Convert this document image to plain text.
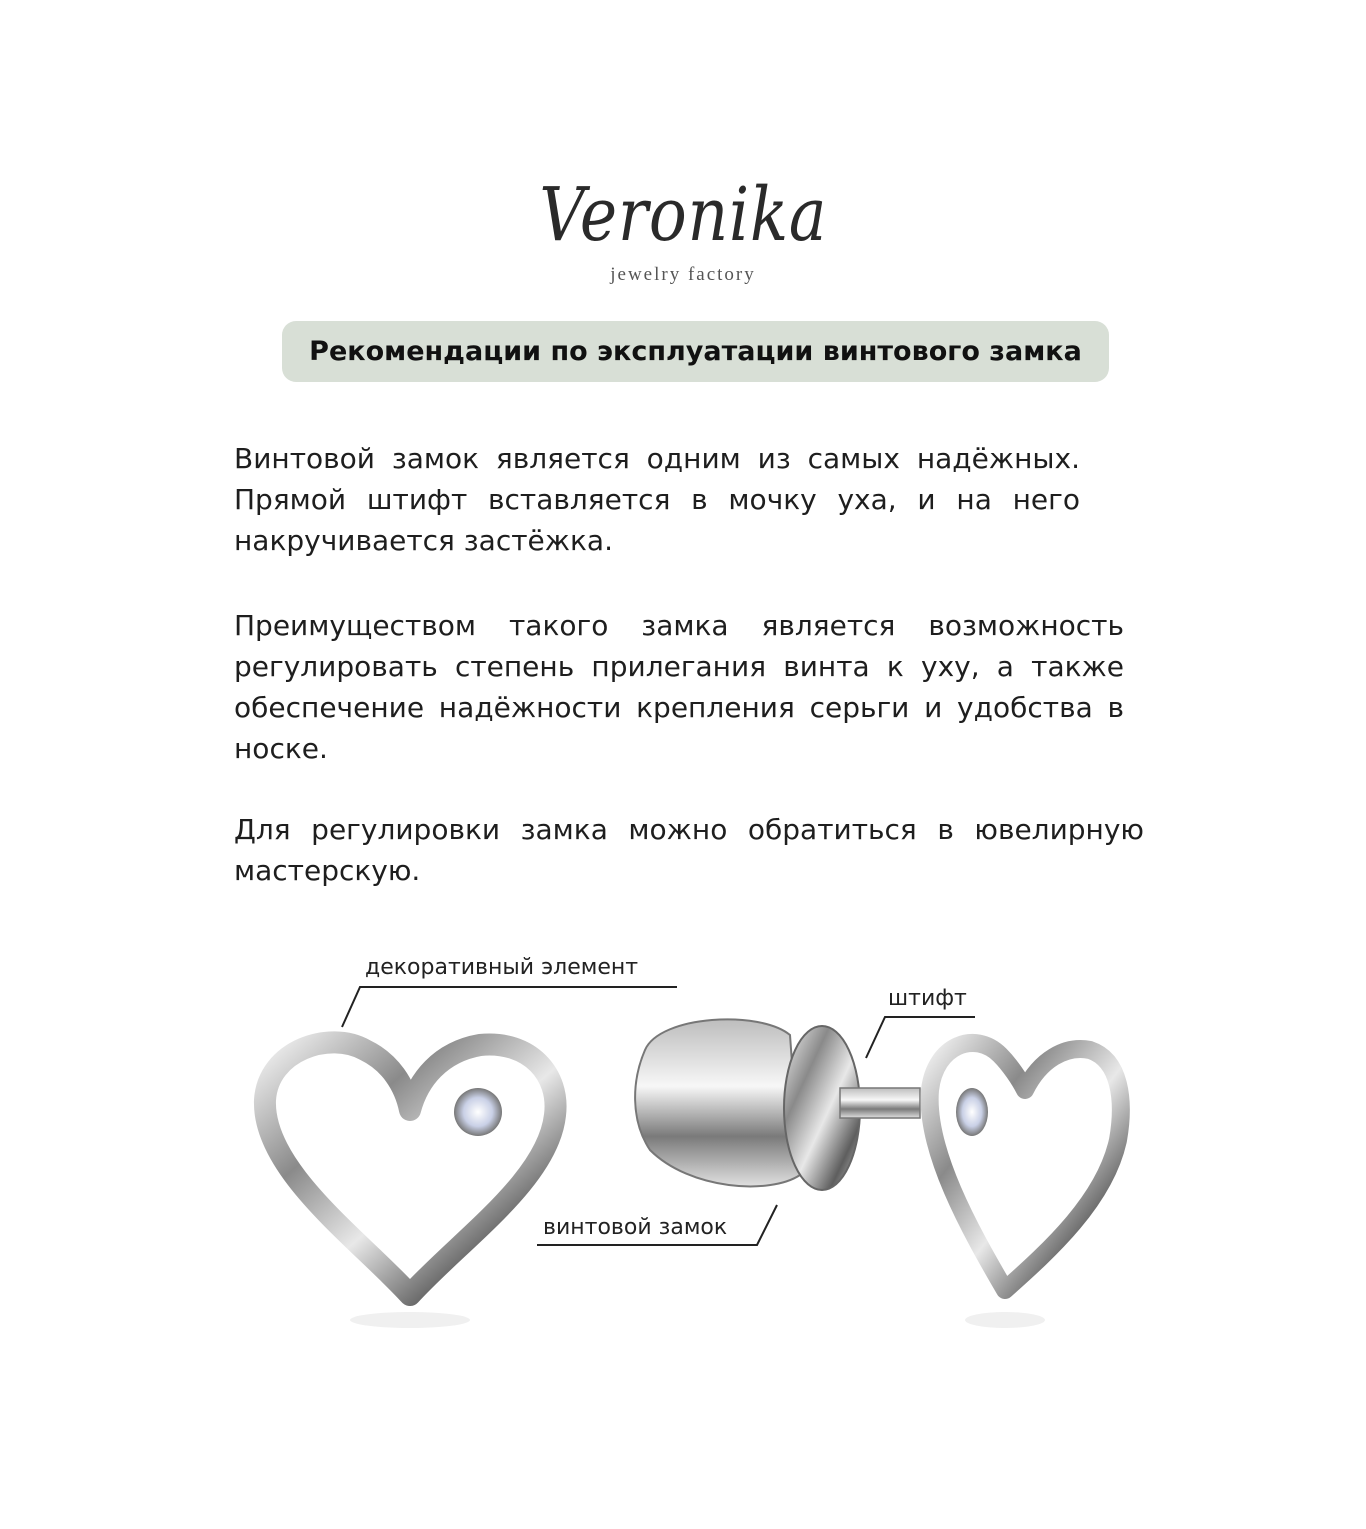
Veronika
jewelry factory
Рекомендации по эксплуатации винтового замка
Винтовой замок является одним из самых надёжных. Прямой штифт вставляется в мочку уха, и на него накручивается застёжка.
Преимуществом такого замка является возможность регулировать степень прилегания винта к уху, а также обеспечение надёжности крепления серьги и удобства в носке.
Для регулировки замка можно обратиться в ювелирную мастерскую.
декоративный элемент
штифт
винтовой замок
